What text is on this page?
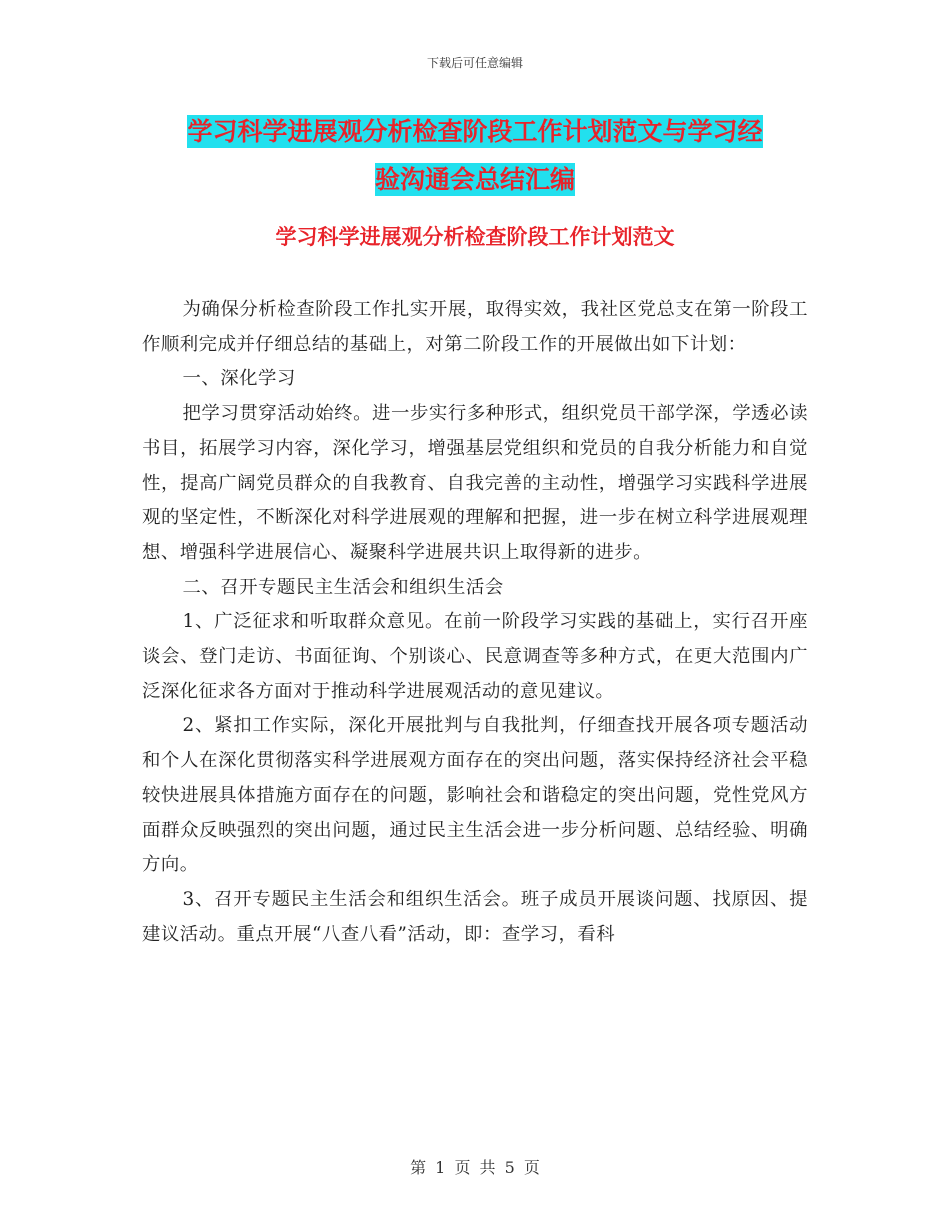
下载后可任意编辑
学习科学进展观分析检查阶段工作计划范文与学习经
验沟通会总结汇编
学习科学进展观分析检查阶段工作计划范文

为确保分析检查阶段工作扎实开展，取得实效，我社区党总支在第一阶段工作顺利完成并仔细总结的基础上，对第二阶段工作的开展做出如下计划：

一、深化学习

把学习贯穿活动始终。进一步实行多种形式，组织党员干部学深，学透必读书目，拓展学习内容，深化学习，增强基层党组织和党员的自我分析能力和自觉性，提高广阔党员群众的自我教育、自我完善的主动性，增强学习实践科学进展观的坚定性，不断深化对科学进展观的理解和把握，进一步在树立科学进展观理想、增强科学进展信心、凝聚科学进展共识上取得新的进步。

二、召开专题民主生活会和组织生活会

1、广泛征求和听取群众意见。在前一阶段学习实践的基础上，实行召开座谈会、登门走访、书面征询、个别谈心、民意调查等多种方式，在更大范围内广泛深化征求各方面对于推动科学进展观活动的意见建议。

2、紧扣工作实际，深化开展批判与自我批判，仔细查找开展各项专题活动和个人在深化贯彻落实科学进展观方面存在的突出问题，落实保持经济社会平稳较快进展具体措施方面存在的问题，影响社会和谐稳定的突出问题，党性党风方面群众反映强烈的突出问题，通过民主生活会进一步分析问题、总结经验、明确方向。

3、召开专题民主生活会和组织生活会。班子成员开展谈问题、找原因、提建议活动。重点开展“八查八看”活动，即：查学习，看科

第 1 页 共 5 页
